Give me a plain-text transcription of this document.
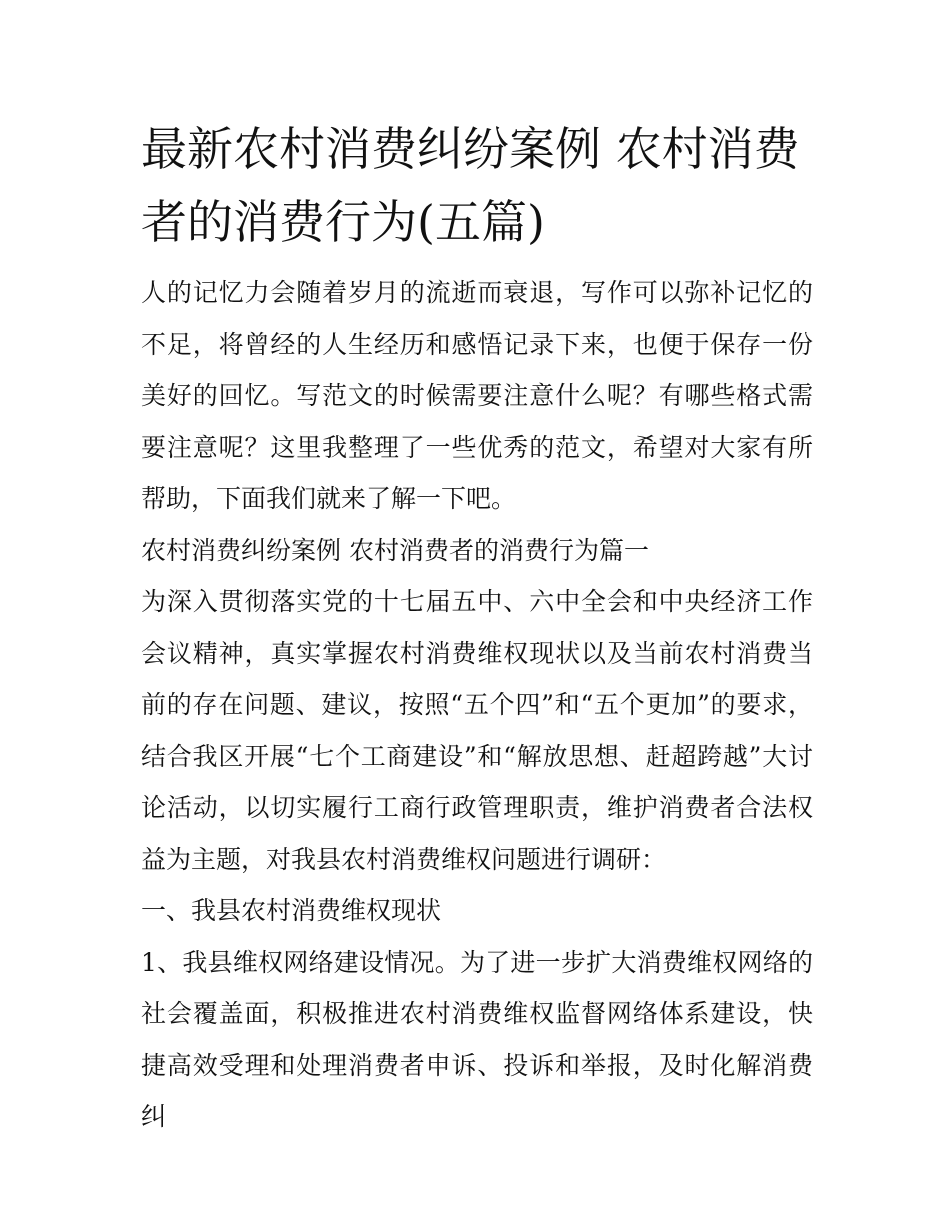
最新农村消费纠纷案例 农村消费者的消费行为(五篇)

人的记忆力会随着岁月的流逝而衰退，写作可以弥补记忆的不足，将曾经的人生经历和感悟记录下来，也便于保存一份美好的回忆。写范文的时候需要注意什么呢？有哪些格式需要注意呢？这里我整理了一些优秀的范文，希望对大家有所帮助，下面我们就来了解一下吧。

农村消费纠纷案例 农村消费者的消费行为篇一

为深入贯彻落实党的十七届五中、六中全会和中央经济工作会议精神，真实掌握农村消费维权现状以及当前农村消费当前的存在问题、建议，按照“五个四”和“五个更加”的要求，结合我区开展“七个工商建设”和“解放思想、赶超跨越”大讨论活动，以切实履行工商行政管理职责，维护消费者合法权益为主题，对我县农村消费维权问题进行调研：

一、我县农村消费维权现状

1、我县维权网络建设情况。为了进一步扩大消费维权网络的社会覆盖面，积极推进农村消费维权监督网络体系建设，快捷高效受理和处理消费者申诉、投诉和举报，及时化解消费纠
